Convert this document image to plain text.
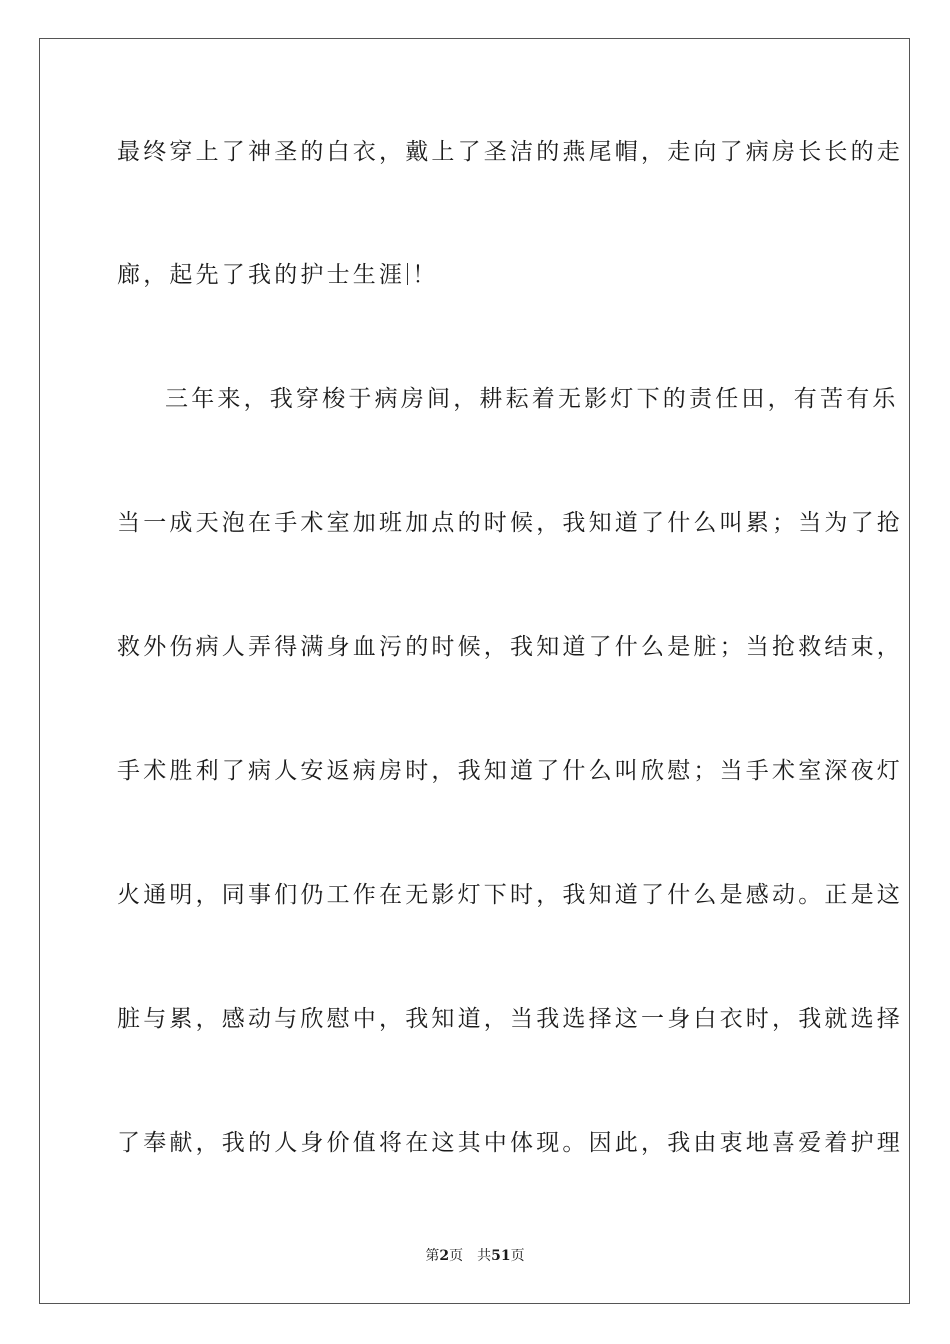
最终穿上了神圣的白衣，戴上了圣洁的燕尾帽，走向了病房长长的走
廊，起先了我的护士生涯 ！
三年来，我穿梭于病房间，耕耘着无影灯下的责任田，有苦有乐
当一成天泡在手术室加班加点的时候，我知道了什么叫累；当为了抢
救外伤病人弄得满身血污的时候，我知道了什么是脏；当抢救结束，
手术胜利了病人安返病房时，我知道了什么叫欣慰；当手术室深夜灯
火通明，同事们仍工作在无影灯下时，我知道了什么是感动。正是这
脏与累，感动与欣慰中，我知道，当我选择这一身白衣时，我就选择
了奉献，我的人身价值将在这其中体现。因此，我由衷地喜爱着护理
第2页 共51页
